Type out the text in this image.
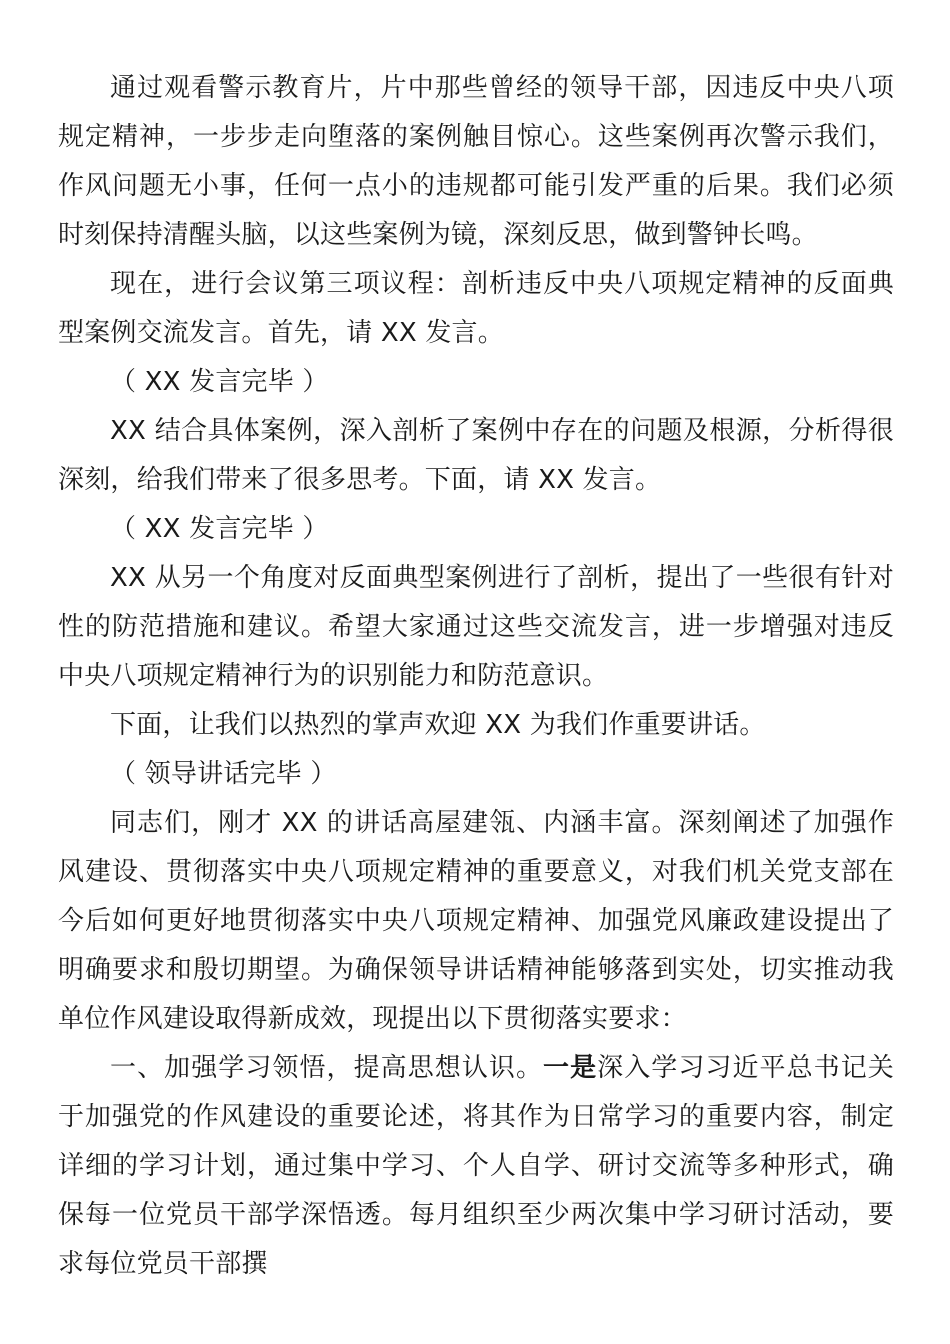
通过观看警示教育片，片中那些曾经的领导干部，因违反中央八项规定精神，一步步走向堕落的案例触目惊心。这些案例再次警示我们，作风问题无小事，任何一点小的违规都可能引发严重的后果。我们必须时刻保持清醒头脑，以这些案例为镜，深刻反思，做到警钟长鸣。

现在，进行会议第三项议程：剖析违反中央八项规定精神的反面典型案例交流发言。首先，请 XX 发言。

（ XX 发言完毕 ）

XX 结合具体案例，深入剖析了案例中存在的问题及根源，分析得很深刻，给我们带来了很多思考。下面，请 XX 发言。

（ XX 发言完毕 ）

XX 从另一个角度对反面典型案例进行了剖析，提出了一些很有针对性的防范措施和建议。希望大家通过这些交流发言，进一步增强对违反中央八项规定精神行为的识别能力和防范意识。

下面，让我们以热烈的掌声欢迎 XX 为我们作重要讲话。

（ 领导讲话完毕 ）

同志们，刚才 XX 的讲话高屋建瓴、内涵丰富。深刻阐述了加强作风建设、贯彻落实中央八项规定精神的重要意义，对我们机关党支部在今后如何更好地贯彻落实中央八项规定精神、加强党风廉政建设提出了明确要求和殷切期望。为确保领导讲话精神能够落到实处，切实推动我单位作风建设取得新成效，现提出以下贯彻落实要求：

一、加强学习领悟，提高思想认识。一是深入学习习近平总书记关于加强党的作风建设的重要论述，将其作为日常学习的重要内容，制定详细的学习计划，通过集中学习、个人自学、研讨交流等多种形式，确保每一位党员干部学深悟透。每月组织至少两次集中学习研讨活动，要求每位党员干部撰
